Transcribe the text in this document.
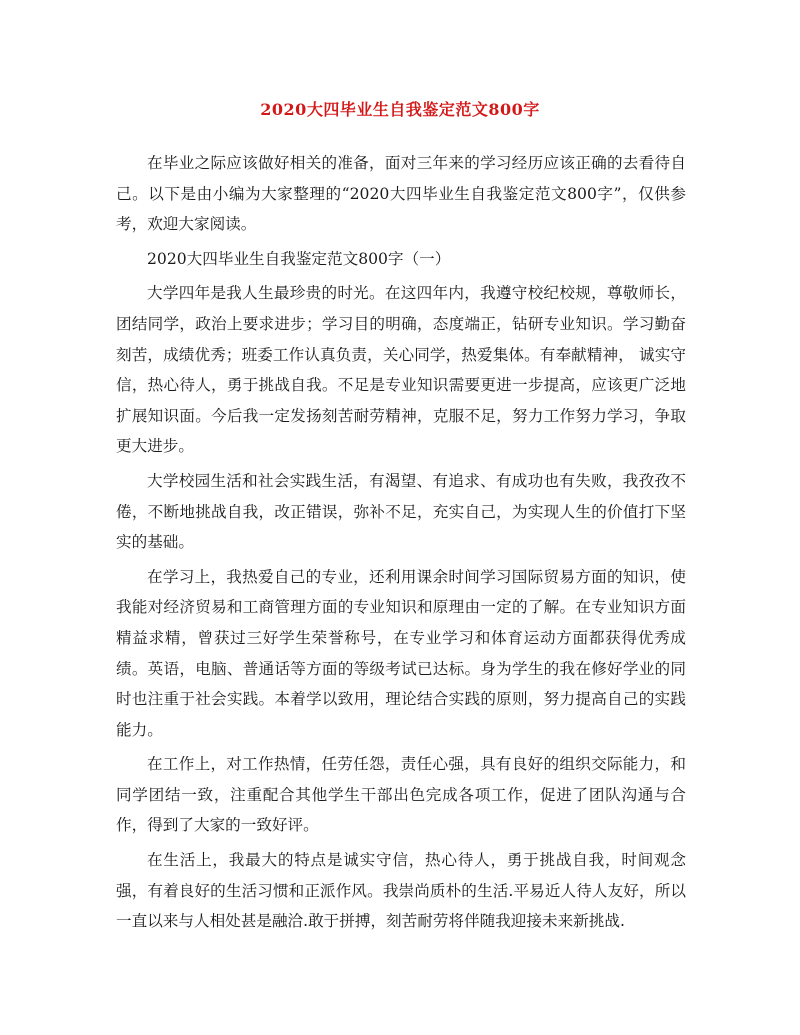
2020大四毕业生自我鉴定范文800字

在毕业之际应该做好相关的准备，面对三年来的学习经历应该正确的去看待自己。以下是由小编为大家整理的“2020大四毕业生自我鉴定范文800字”，仅供参考，欢迎大家阅读。

2020大四毕业生自我鉴定范文800字（一）

大学四年是我人生最珍贵的时光。在这四年内，我遵守校纪校规，尊敬师长，团结同学，政治上要求进步；学习目的明确，态度端正，钻研专业知识。学习勤奋刻苦，成绩优秀；班委工作认真负责，关心同学，热爱集体。有奉献精神， 诚实守信，热心待人，勇于挑战自我。不足是专业知识需要更进一步提高，应该更广泛地扩展知识面。今后我一定发扬刻苦耐劳精神，克服不足，努力工作努力学习，争取更大进步。

大学校园生活和社会实践生活，有渴望、有追求、有成功也有失败，我孜孜不倦，不断地挑战自我，改正错误，弥补不足，充实自己，为实现人生的价值打下坚实的基础。

在学习上，我热爱自己的专业，还利用课余时间学习国际贸易方面的知识，使我能对经济贸易和工商管理方面的专业知识和原理由一定的了解。在专业知识方面精益求精，曾获过三好学生荣誉称号，在专业学习和体育运动方面都获得优秀成绩。英语，电脑、普通话等方面的等级考试已达标。身为学生的我在修好学业的同时也注重于社会实践。本着学以致用，理论结合实践的原则，努力提高自己的实践能力。

在工作上，对工作热情，任劳任怨，责任心强，具有良好的组织交际能力，和同学团结一致，注重配合其他学生干部出色完成各项工作，促进了团队沟通与合作，得到了大家的一致好评。

在生活上，我最大的特点是诚实守信，热心待人，勇于挑战自我，时间观念强，有着良好的生活习惯和正派作风。我崇尚质朴的生活.平易近人待人友好，所以一直以来与人相处甚是融洽.敢于拼搏，刻苦耐劳将伴随我迎接未来新挑战.
